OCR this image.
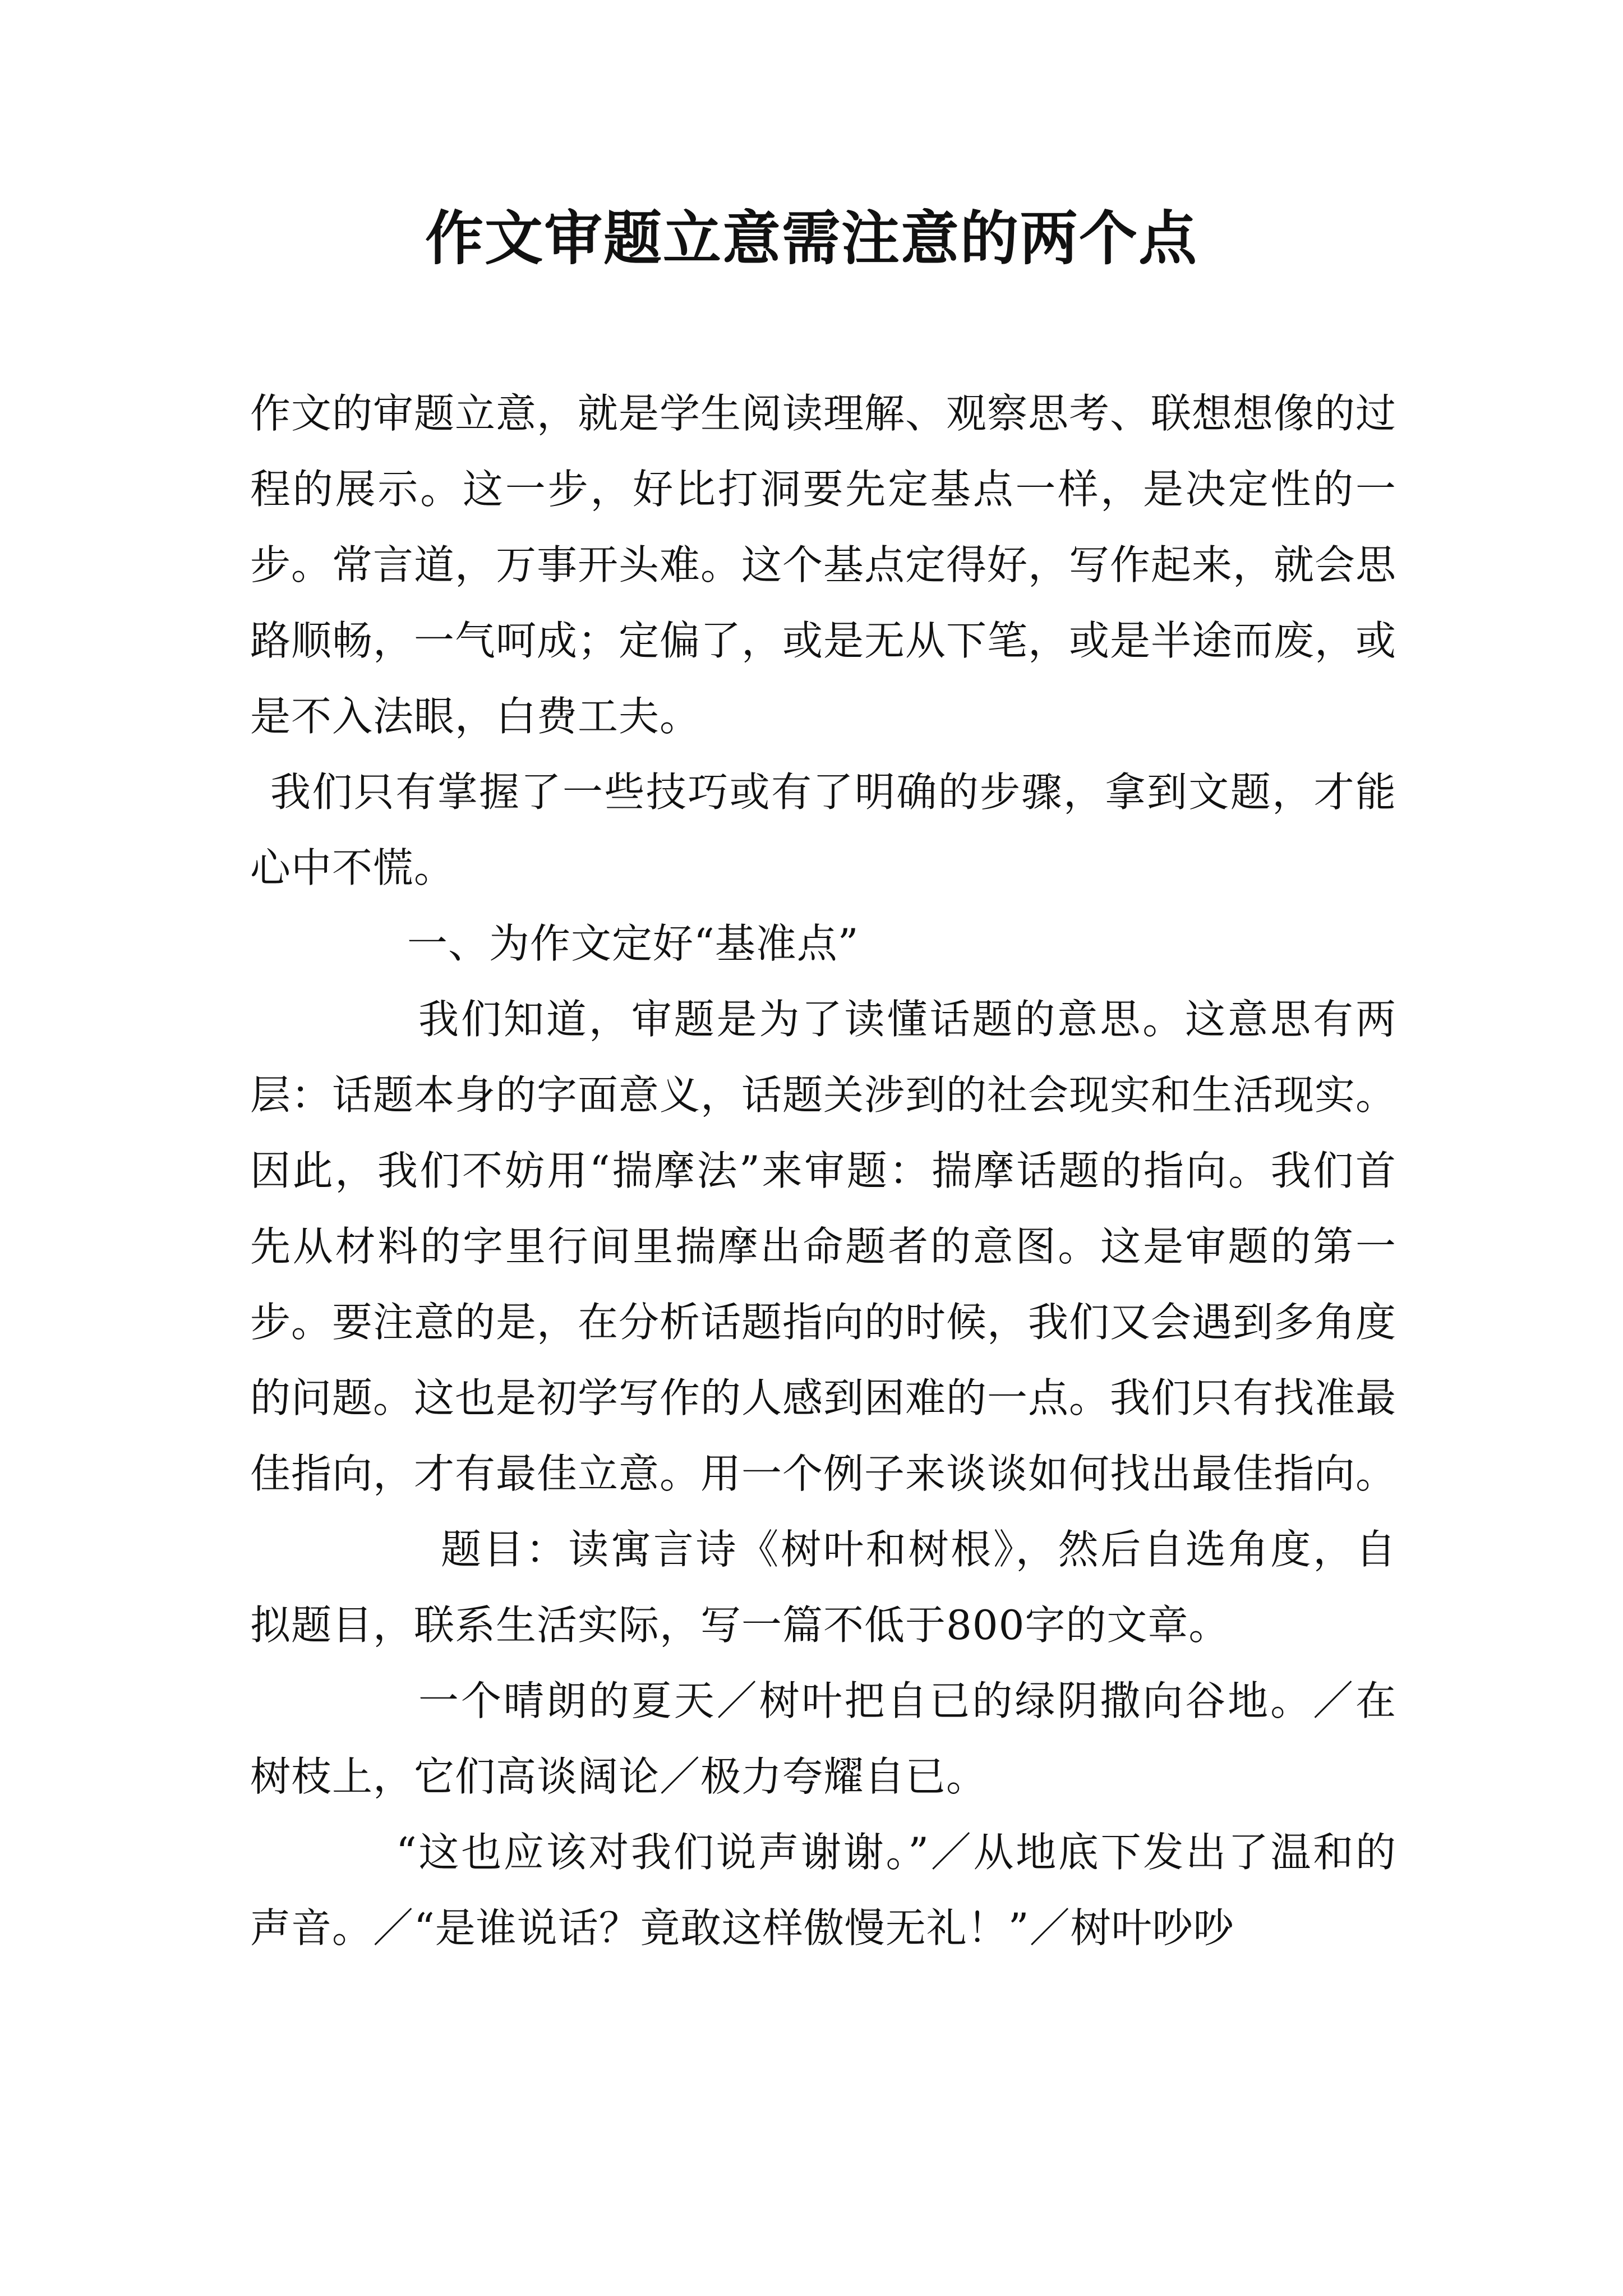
作文审题立意需注意的两个点

作文的审题立意，就是学生阅读理解、观察思考、联想想像的过程的展示。这一步，好比打洞要先定基点一样，是决定性的一步。常言道，万事开头难。这个基点定得好，写作起来，就会思路顺畅，一气呵成；定偏了，或是无从下笔，或是半途而废，或是不入法眼，白费工夫。

我们只有掌握了一些技巧或有了明确的步骤，拿到文题，才能心中不慌。

一、为作文定好“基准点”

我们知道，审题是为了读懂话题的意思。这意思有两层：话题本身的字面意义，话题关涉到的社会现实和生活现实。因此，我们不妨用“揣摩法”来审题：揣摩话题的指向。我们首先从材料的字里行间里揣摩出命题者的意图。这是审题的第一步。要注意的是，在分析话题指向的时候，我们又会遇到多角度的问题。这也是初学写作的人感到困难的一点。我们只有找准最佳指向，才有最佳立意。用一个例子来谈谈如何找出最佳指向。

题目：读寓言诗《树叶和树根》，然后自选角度，自拟题目，联系生活实际，写一篇不低于800字的文章。

一个晴朗的夏天／树叶把自已的绿阴撒向谷地。／在树枝上，它们高谈阔论／极力夸耀自已。

“这也应该对我们说声谢谢。”／从地底下发出了温和的声音。／“是谁说话？竟敢这样傲慢无礼！”／树叶吵吵
